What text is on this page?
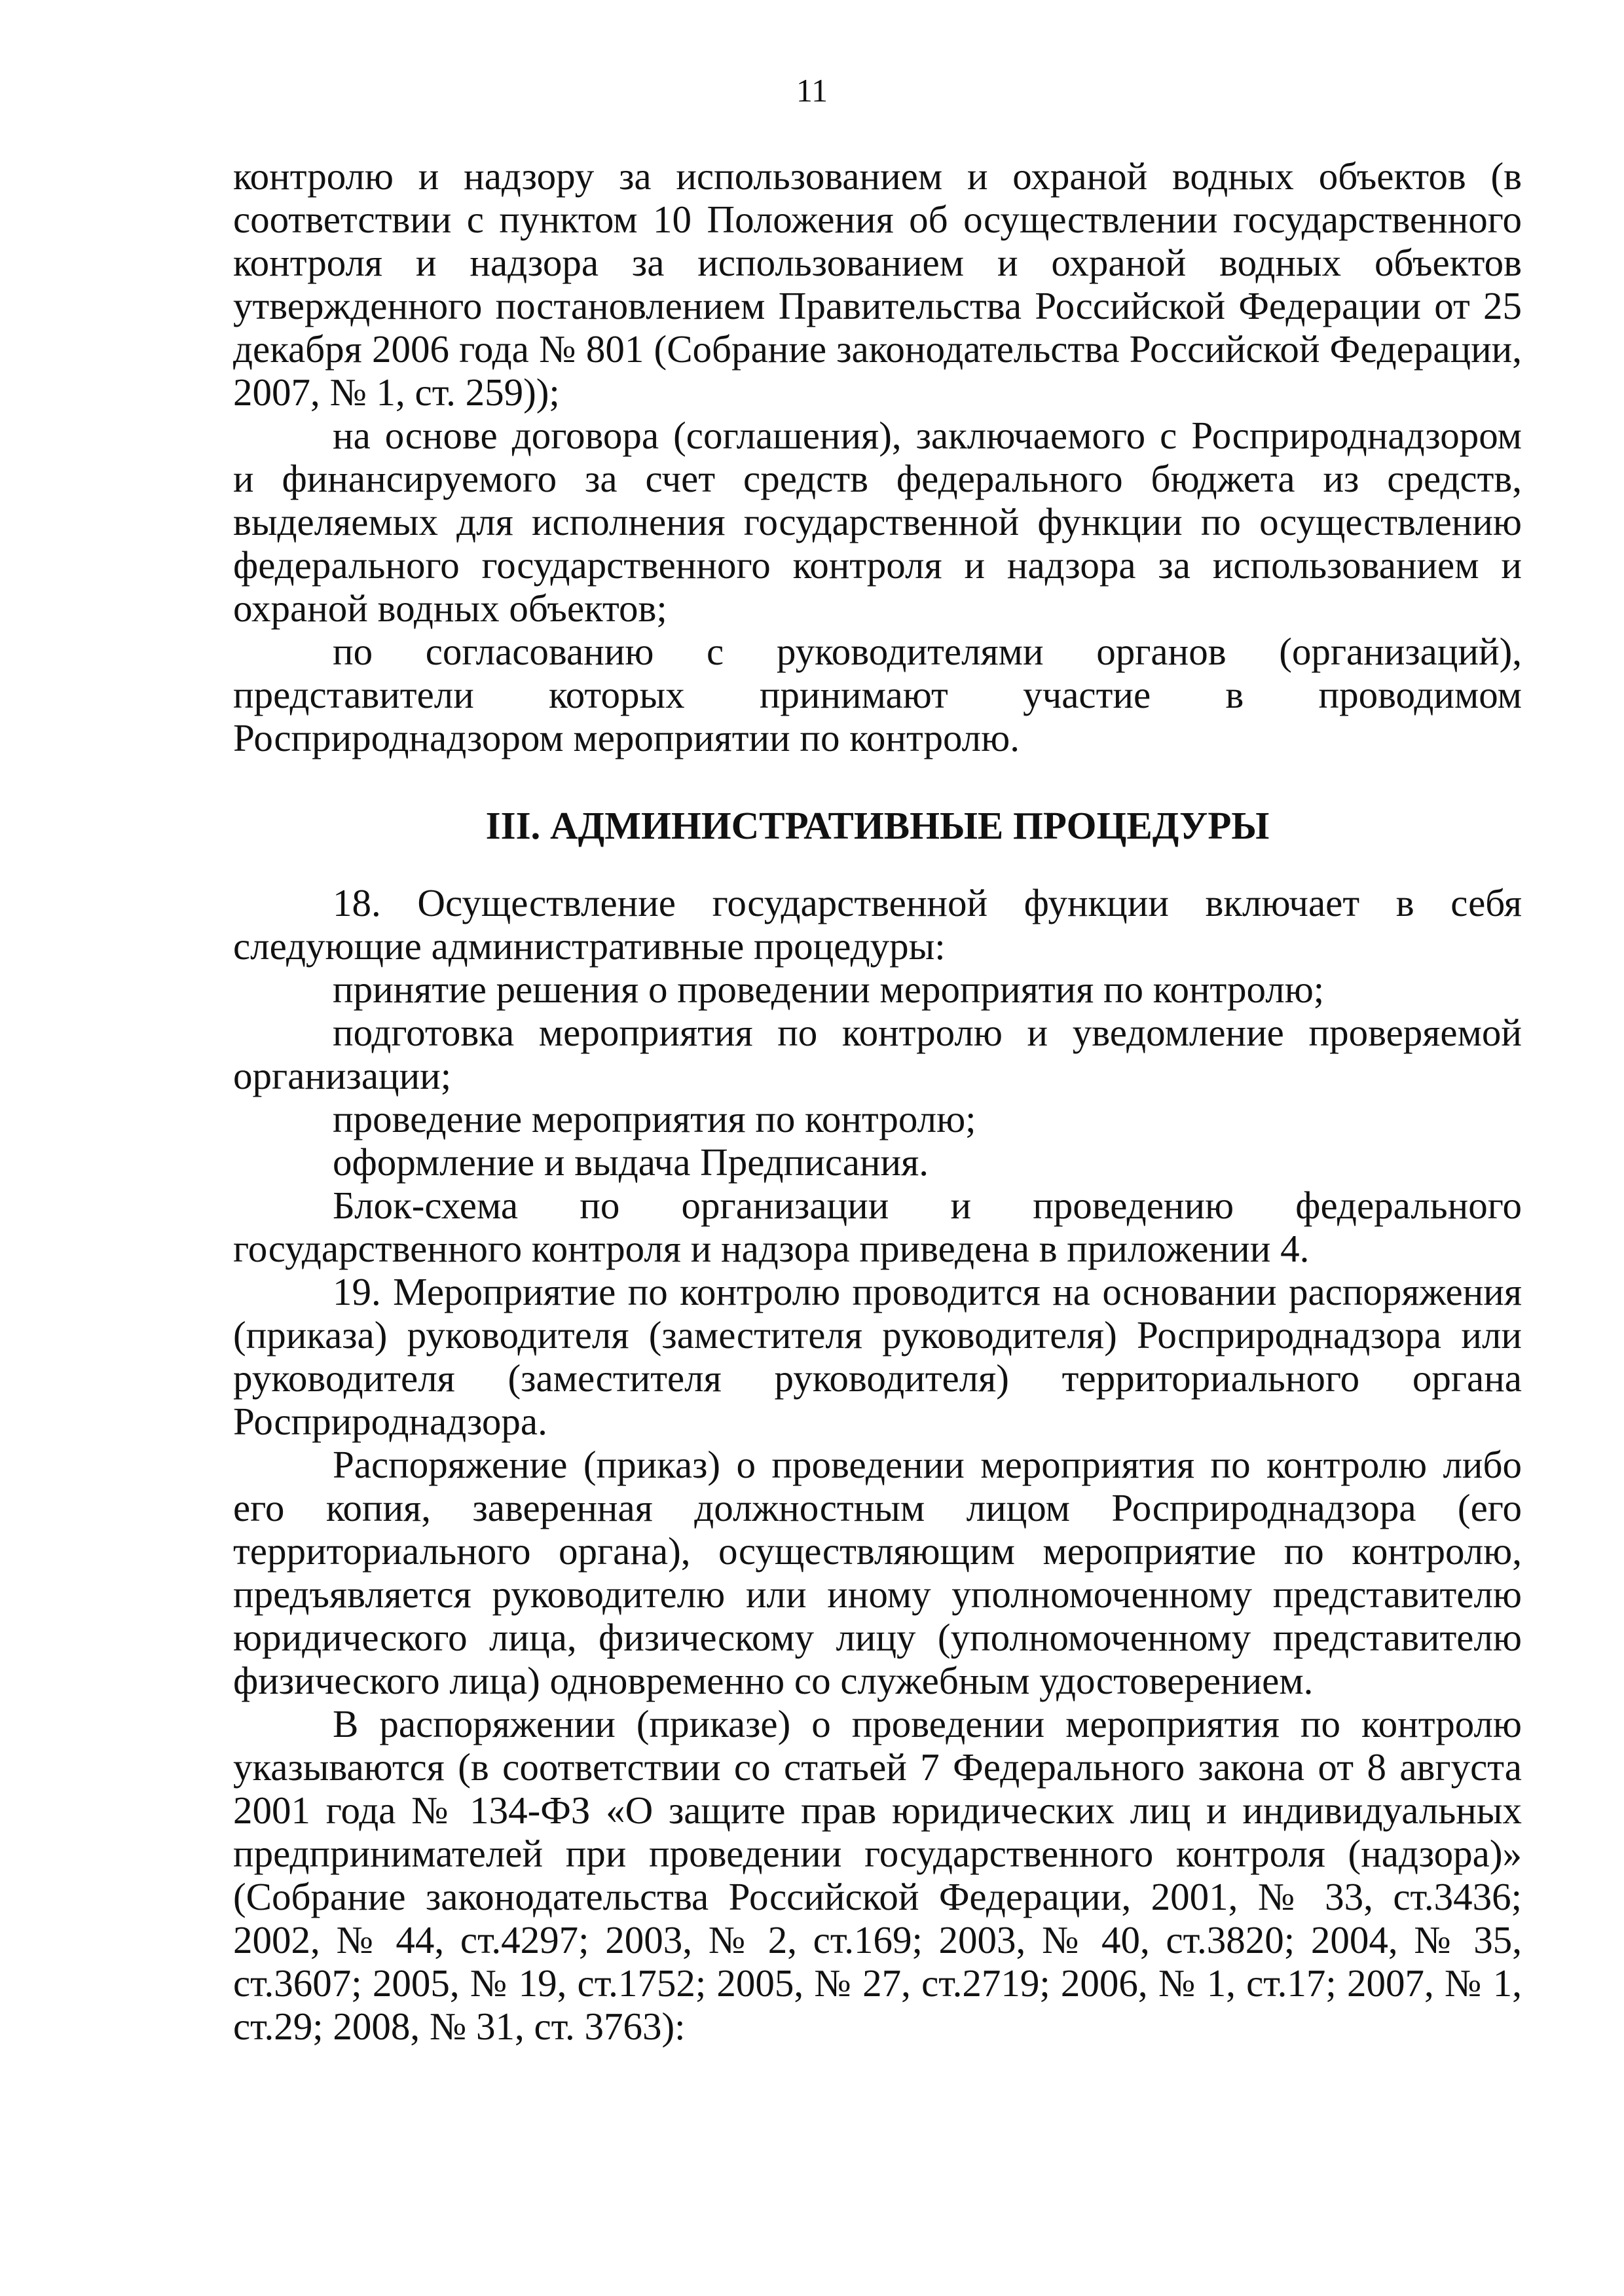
11

контролю и надзору за использованием и охраной водных объектов (в соответствии с пунктом 10 Положения об осуществлении государственного контроля и надзора за использованием и охраной водных объектов утвержденного постановлением Правительства Российской Федерации от 25 декабря 2006 года № 801 (Собрание законодательства Российской Федерации, 2007, № 1, ст. 259));

на основе договора (соглашения), заключаемого с Росприроднадзором и финансируемого за счет средств федерального бюджета из средств, выделяемых для исполнения государственной функции по осуществлению федерального государственного контроля и надзора за использованием и охраной водных объектов;

по согласованию с руководителями органов (организаций), представители которых принимают участие в проводимом Росприроднадзором мероприятии по контролю.

III. АДМИНИСТРАТИВНЫЕ ПРОЦЕДУРЫ

18. Осуществление государственной функции включает в себя следующие административные процедуры:

принятие решения о проведении мероприятия по контролю;

подготовка мероприятия по контролю и уведомление проверяемой организации;

проведение мероприятия по контролю;

оформление и выдача Предписания.

Блок-схема по организации и проведению федерального государственного контроля и надзора приведена в приложении 4.

19. Мероприятие по контролю проводится на основании распоряжения (приказа) руководителя (заместителя руководителя) Росприроднадзора или руководителя (заместителя руководителя) территориального органа Росприроднадзора.

Распоряжение (приказ) о проведении мероприятия по контролю либо его копия, заверенная должностным лицом Росприроднадзора (его территориального органа), осуществляющим мероприятие по контролю, предъявляется руководителю или иному уполномоченному представителю юридического лица, физическому лицу (уполномоченному представителю физического лица) одновременно со служебным удостоверением.

В распоряжении (приказе) о проведении мероприятия по контролю указываются (в соответствии со статьей 7 Федерального закона от 8 августа 2001 года № 134-ФЗ «О защите прав юридических лиц и индивидуальных предпринимателей при проведении государственного контроля (надзора)» (Собрание законодательства Российской Федерации, 2001, № 33, ст.3436; 2002, № 44, ст.4297; 2003, № 2, ст.169; 2003, № 40, ст.3820; 2004, № 35, ст.3607; 2005, № 19, ст.1752; 2005, № 27, ст.2719; 2006, № 1, ст.17; 2007, № 1, ст.29; 2008, № 31, ст. 3763):
